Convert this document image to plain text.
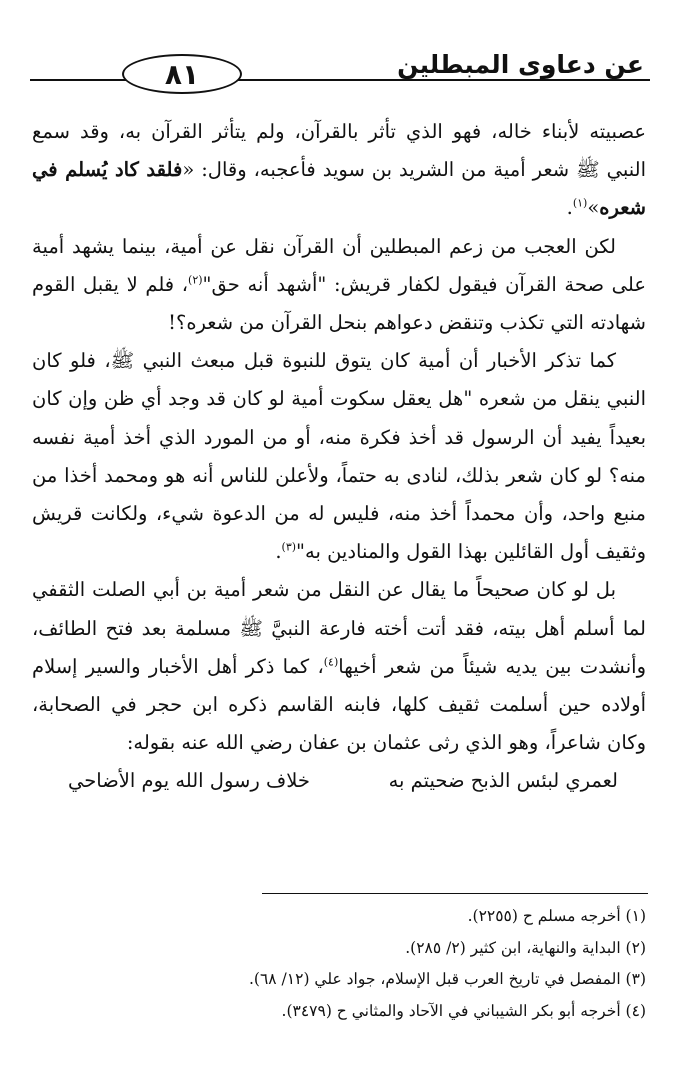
عن دعاوى المبطلين
٨١

عصبيته لأبناء خاله، فهو الذي تأثر بالقرآن، ولم يتأثر القرآن به، وقد سمع النبي ﷺ شعر أمية من الشريد بن سويد فأعجبه، وقال: «فلقد كاد يُسلم في شعره»$^{(١)}$.

لكن العجب من زعم المبطلين أن القرآن نقل عن أمية، بينما يشهد أمية على صحة القرآن فيقول لكفار قريش: "أشهد أنه حق"$^{(٢)}$، فلم لا يقبل القوم شهادته التي تكذب وتنقض دعواهم بنحل القرآن من شعره؟!

كما تذكر الأخبار أن أمية كان يتوق للنبوة قبل مبعث النبي ﷺ، فلو كان النبي ينقل من شعره "هل يعقل سكوت أمية لو كان قد وجد أي ظن وإن كان بعيداً يفيد أن الرسول قد أخذ فكرة منه، أو من المورد الذي أخذ أمية نفسه منه؟ لو كان شعر بذلك، لنادى به حتماً، ولأعلن للناس أنه هو ومحمد أخذا من منبع واحد، وأن محمداً أخذ منه، فليس له من الدعوة شيء، ولكانت قريش وثقيف أول القائلين بهذا القول والمنادين به"$^{(٣)}$.

بل لو كان صحيحاً ما يقال عن النقل من شعر أمية بن أبي الصلت الثقفي لما أسلم أهل بيته، فقد أتت أخته فارعة النبيَّ ﷺ مسلمة بعد فتح الطائف، وأنشدت بين يديه شيئاً من شعر أخيها$^{(٤)}$، كما ذكر أهل الأخبار والسير إسلام أولاده حين أسلمت ثقيف كلها، فابنه القاسم ذكره ابن حجر في الصحابة، وكان شاعراً، وهو الذي رثى عثمان بن عفان رضي الله عنه بقوله:

لعمري لبئس الذبح ضحيتم به
خلاف رسول الله يوم الأضاحي
(١) أخرجه مسلم ح (٢٢٥٥).
(٢) البداية والنهاية، ابن كثير (٢/ ٢٨٥).
(٣) المفصل في تاريخ العرب قبل الإسلام، جواد علي (١٢/ ٦٨).
(٤) أخرجه أبو بكر الشيباني في الآحاد والمثاني ح (٣٤٧٩).
